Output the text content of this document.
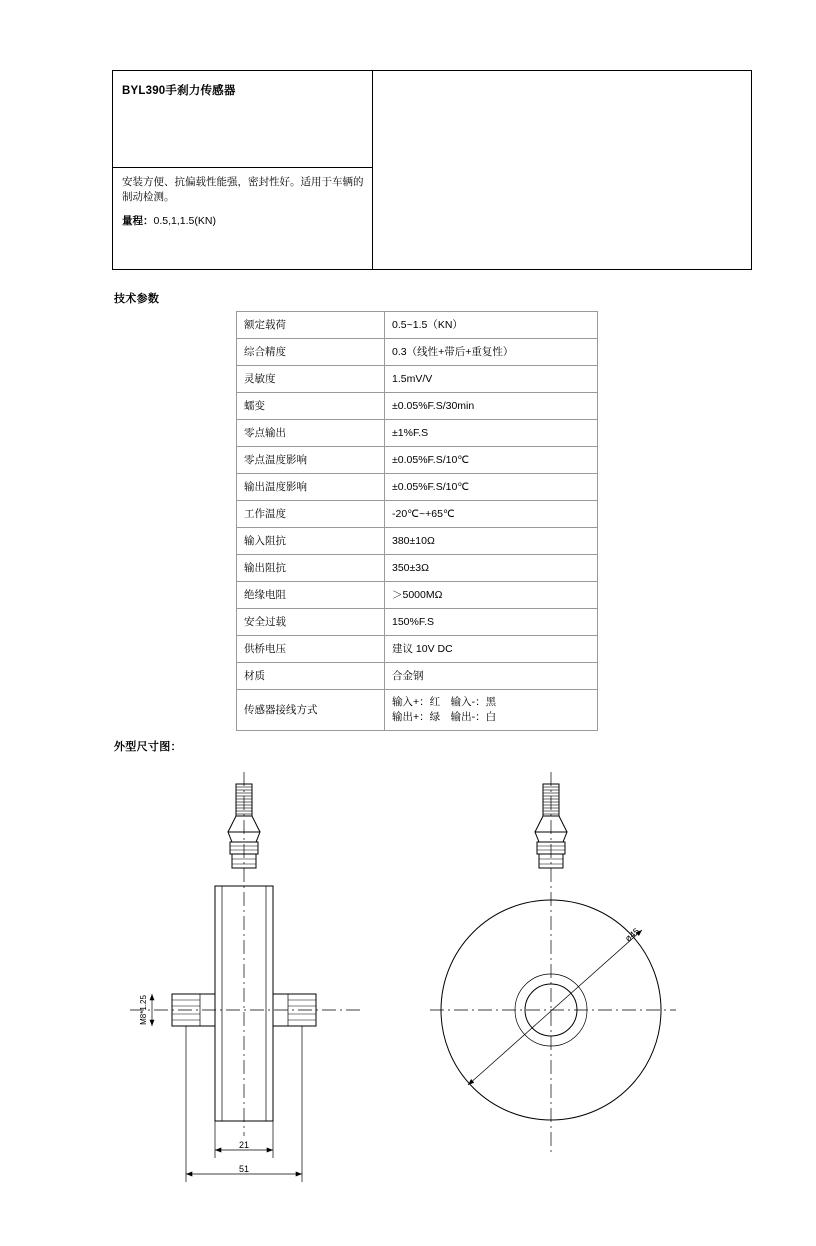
BYL390手刹力传感器
安装方便、抗偏载性能强，密封性好。适用于车辆的制动检测。
量程：0.5,1,1.5(KN)
技术参数
外型尺寸图：
额定载荷	0.5~1.5（KN）
综合精度	0.3（线性+带后+重复性）
灵敏度	1.5mV/V
蠕变	±0.05%F.S/30min
零点输出	±1%F.S
零点温度影响	±0.05%F.S/10℃
输出温度影响	±0.05%F.S/10℃
工作温度	-20℃~+65℃
输入阻抗	380±10Ω
输出阻抗	350±3Ω
绝缘电阻	＞5000MΩ
安全过载	150%F.S
供桥电压	建议 10V DC
材质	合金钢
传感器接线方式	输入+：红　输入-：黑
输出+：绿　输出-：白
21
51
M8*1.25
ø45
